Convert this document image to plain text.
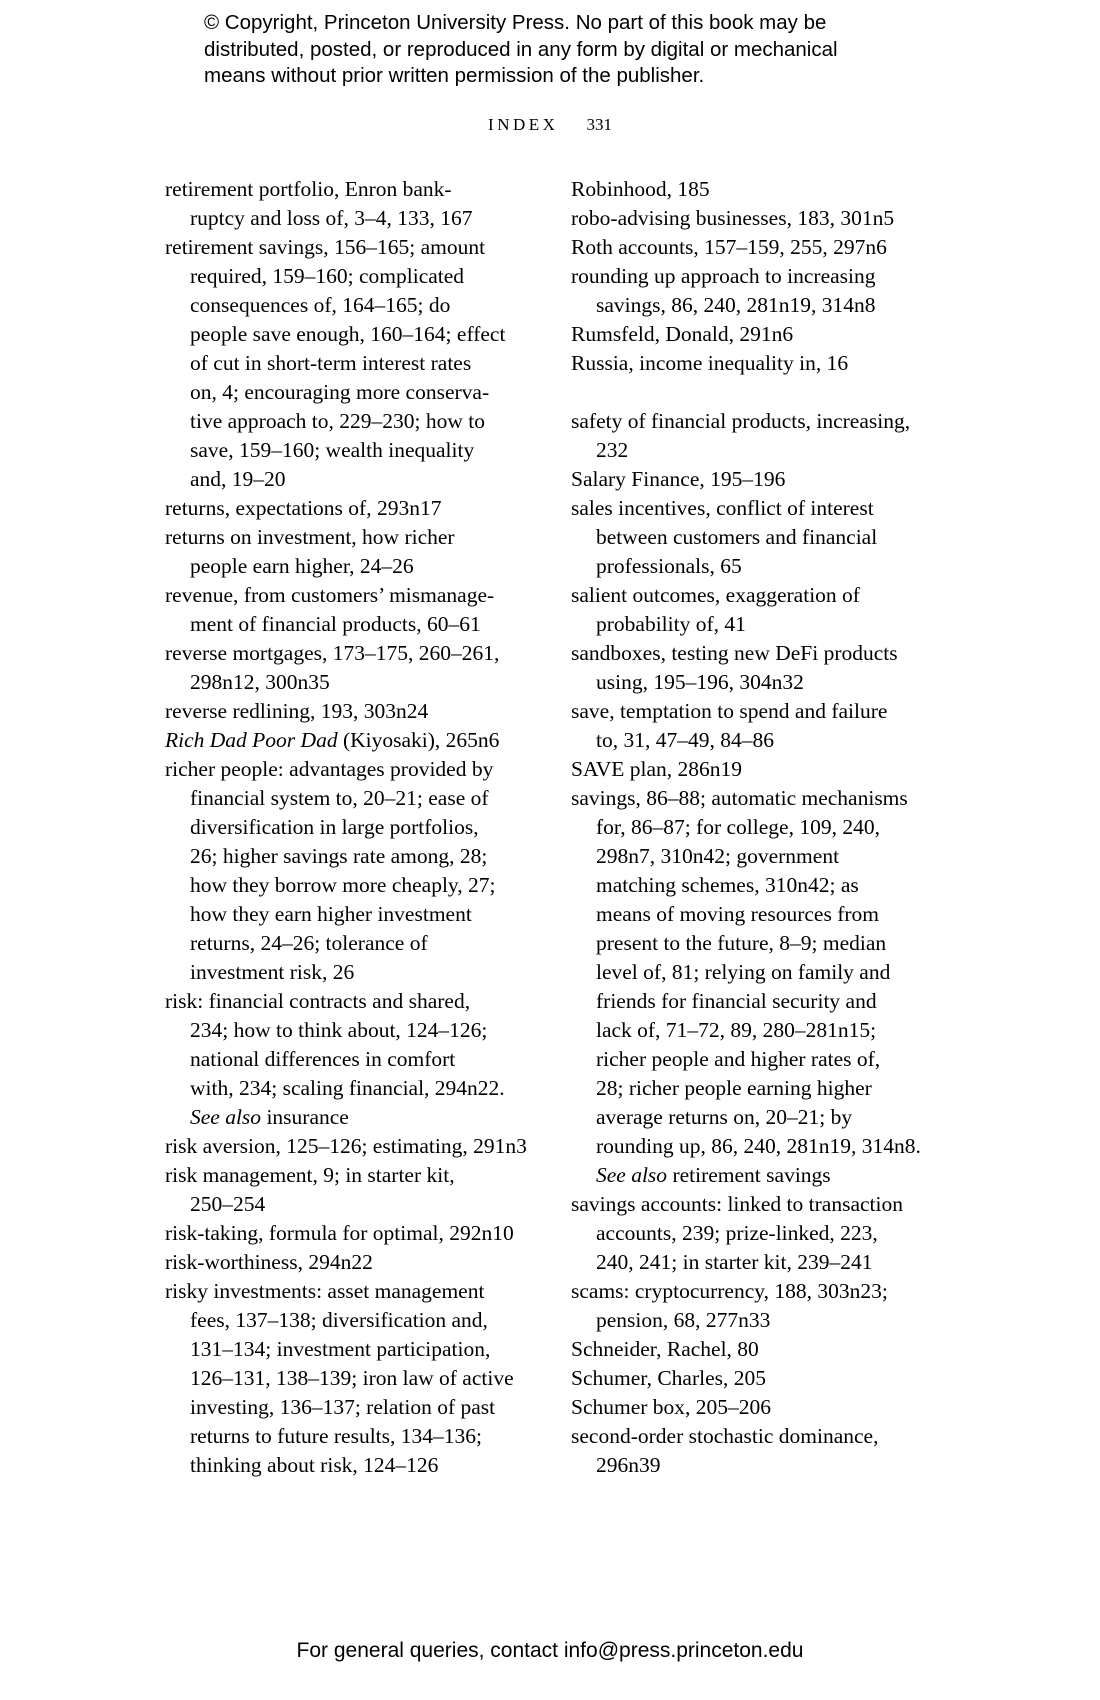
© Copyright, Princeton University Press. No part of this book may be
distributed, posted, or reproduced in any form by digital or mechanical
means without prior written permission of the publisher.
INDEX 331
retirement portfolio, Enron bank-
ruptcy and loss of, 3–4, 133, 167
retirement savings, 156–165; amount
required, 159–160; complicated
consequences of, 164–165; do
people save enough, 160–164; effect
of cut in short-term interest rates
on, 4; encouraging more conserva-
tive approach to, 229–230; how to
save, 159–160; wealth inequality
and, 19–20
returns, expectations of, 293n17
returns on investment, how richer
people earn higher, 24–26
revenue, from customers’ mismanage-
ment of financial products, 60–61
reverse mortgages, 173–175, 260–261,
298n12, 300n35
reverse redlining, 193, 303n24
Rich Dad Poor Dad (Kiyosaki), 265n6
richer people: advantages provided by
financial system to, 20–21; ease of
diversification in large portfolios,
26; higher savings rate among, 28;
how they borrow more cheaply, 27;
how they earn higher investment
returns, 24–26; tolerance of
investment risk, 26
risk: financial contracts and shared,
234; how to think about, 124–126;
national differences in comfort
with, 234; scaling financial, 294n22.
See also insurance
risk aversion, 125–126; estimating, 291n3
risk management, 9; in starter kit,
250–254
risk-taking, formula for optimal, 292n10
risk-worthiness, 294n22
risky investments: asset management
fees, 137–138; diversification and,
131–134; investment participation,
126–131, 138–139; iron law of active
investing, 136–137; relation of past
returns to future results, 134–136;
thinking about risk, 124–126
Robinhood, 185
robo-advising businesses, 183, 301n5
Roth accounts, 157–159, 255, 297n6
rounding up approach to increasing
savings, 86, 240, 281n19, 314n8
Rumsfeld, Donald, 291n6
Russia, income inequality in, 16
safety of financial products, increasing,
232
Salary Finance, 195–196
sales incentives, conflict of interest
between customers and financial
professionals, 65
salient outcomes, exaggeration of
probability of, 41
sandboxes, testing new DeFi products
using, 195–196, 304n32
save, temptation to spend and failure
to, 31, 47–49, 84–86
SAVE plan, 286n19
savings, 86–88; automatic mechanisms
for, 86–87; for college, 109, 240,
298n7, 310n42; government
matching schemes, 310n42; as
means of moving resources from
present to the future, 8–9; median
level of, 81; relying on family and
friends for financial security and
lack of, 71–72, 89, 280–281n15;
richer people and higher rates of,
28; richer people earning higher
average returns on, 20–21; by
rounding up, 86, 240, 281n19, 314n8.
See also retirement savings
savings accounts: linked to transaction
accounts, 239; prize-linked, 223,
240, 241; in starter kit, 239–241
scams: cryptocurrency, 188, 303n23;
pension, 68, 277n33
Schneider, Rachel, 80
Schumer, Charles, 205
Schumer box, 205–206
second-order stochastic dominance,
296n39
For general queries, contact info@press.princeton.edu
